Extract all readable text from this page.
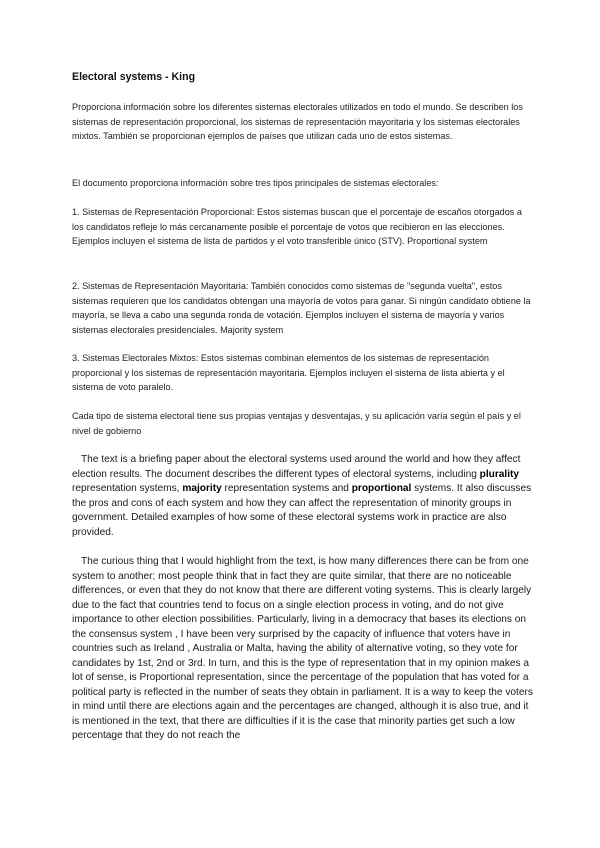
Electoral systems - King

Proporciona información sobre los diferentes sistemas electorales utilizados en todo el mundo. Se describen los sistemas de representación proporcional, los sistemas de representación mayoritaria y los sistemas electorales mixtos. También se proporcionan ejemplos de países que utilizan cada uno de estos sistemas.

El documento proporciona información sobre tres tipos principales de sistemas electorales:

1. Sistemas de Representación Proporcional: Estos sistemas buscan que el porcentaje de escaños otorgados a los candidatos refleje lo más cercanamente posible el porcentaje de votos que recibieron en las elecciones. Ejemplos incluyen el sistema de lista de partidos y el voto transferible único (STV). Proportional system

2. Sistemas de Representación Mayoritaria: También conocidos como sistemas de "segunda vuelta", estos sistemas requieren que los candidatos obtengan una mayoría de votos para ganar. Si ningún candidato obtiene la mayoría, se lleva a cabo una segunda ronda de votación. Ejemplos incluyen el sistema de mayoría y varios sistemas electorales presidenciales. Majority system

3. Sistemas Electorales Mixtos: Estos sistemas combinan elementos de los sistemas de representación proporcional y los sistemas de representación mayoritaria. Ejemplos incluyen el sistema de lista abierta y el sistema de voto paralelo.

Cada tipo de sistema electoral tiene sus propias ventajas y desventajas, y su aplicación varía según el país y el nivel de gobierno

The text is a briefing paper about the electoral systems used around the world and how they affect election results. The document describes the different types of electoral systems, including plurality representation systems, majority representation systems and proportional systems. It also discusses the pros and cons of each system and how they can affect the representation of minority groups in government. Detailed examples of how some of these electoral systems work in practice are also provided.

The curious thing that I would highlight from the text, is how many differences there can be from one system to another; most people think that in fact they are quite similar, that there are no noticeable differences, or even that they do not know that there are different voting systems. This is clearly largely due to the fact that countries tend to focus on a single election process in voting, and do not give importance to other election possibilities. Particularly, living in a democracy that bases its elections on the consensus system , I have been very surprised by the capacity of influence that voters have in countries such as Ireland , Australia or Malta, having the ability of alternative voting, so they vote for candidates by 1st, 2nd or 3rd. In turn, and this is the type of representation that in my opinion makes a lot of sense, is Proportional representation, since the percentage of the population that has voted for a political party is reflected in the number of seats they obtain in parliament. It is a way to keep the voters in mind until there are elections again and the percentages are changed, although it is also true, and it is mentioned in the text, that there are difficulties if it is the case that minority parties get such a low percentage that they do not reach the
